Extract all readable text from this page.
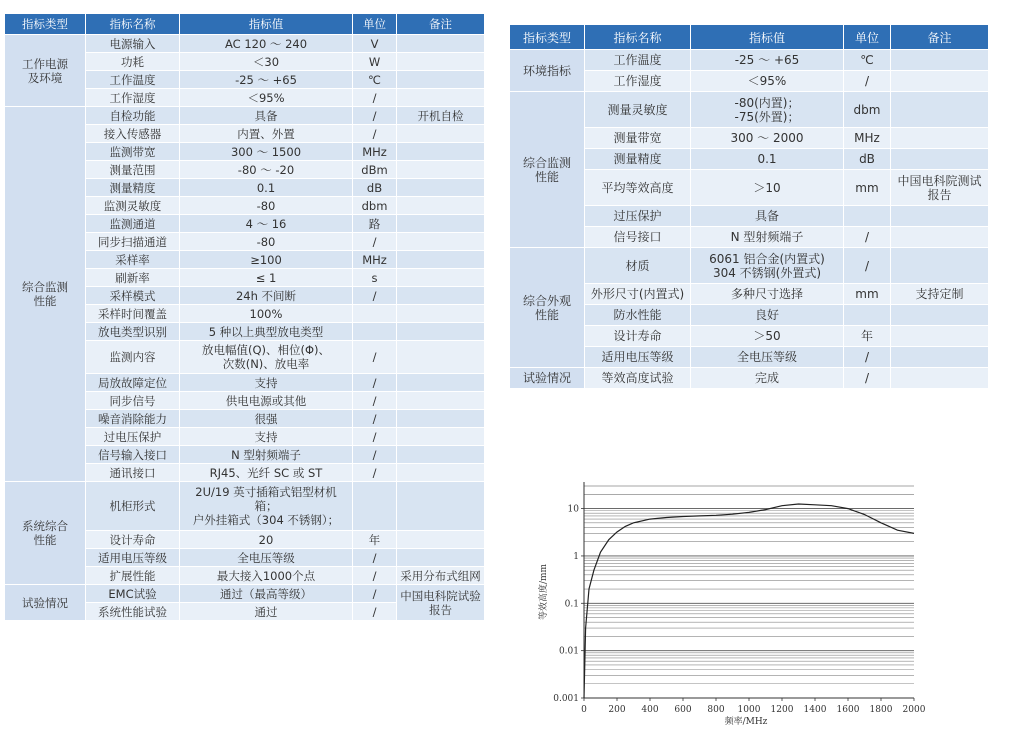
指标类型	指标名称	指标值	单位	备注
工作电源
及环境	电源输入	AC 120 ～ 240	V	
	功耗	＜30	W	
	工作温度	-25 ～ +65	℃	
	工作湿度	＜95%	/	
综合监测
性能	自检功能	具备	/	开机自检
	接入传感器	内置、外置	/	
	监测带宽	300 ～ 1500	MHz	
	测量范围	-80 ～ -20	dBm	
	测量精度	0.1	dB	
	监测灵敏度	-80	dbm	
	监测通道	4 ～ 16	路	
	同步扫描通道	-80	/	
	采样率	≥100	MHz	
	刷新率	≤ 1	s	
	采样模式	24h 不间断	/	
	采样时间覆盖	100%		
	放电类型识别	5 种以上典型放电类型		
	监测内容	放电幅值(Q)、相位(Φ)、
次数(N)、放电率	/	
	局放故障定位	支持	/	
	同步信号	供电电源或其他	/	
	噪音消除能力	很强	/	
	过电压保护	支持	/	
	信号输入接口	N 型射频端子	/	
	通讯接口	RJ45、光纤 SC 或 ST	/	
系统综合
性能	机柜形式	2U/19 英寸插箱式铝型材机
箱；
户外挂箱式（304 不锈钢）；		
	设计寿命	20	年	
	适用电压等级	全电压等级	/	
	扩展性能	最大接入1000个点	/	采用分布式组网
试验情况	EMC试验	通过（最高等级）	/	中国电科院试验
报告
	系统性能试验	通过	/	
指标类型	指标名称	指标值	单位	备注
环境指标	工作温度	-25 ～ +65	℃	
	工作湿度	＜95%	/	
综合监测
性能	测量灵敏度	-80(内置)；
-75(外置)；	dbm	
	测量带宽	300 ～ 2000	MHz	
	测量精度	0.1	dB	
	平均等效高度	＞10	mm	中国电科院测试
报告
	过压保护	具备		
	信号接口	N 型射频端子	/	
综合外观
性能	材质	6061 铝合金(内置式)
304 不锈钢(外置式)	/	
	外形尺寸(内置式)	多种尺寸选择	mm	支持定制
	防水性能	良好		
	设计寿命	＞50	年	
	适用电压等级	全电压等级	/	
试验情况	等效高度试验	完成	/	
0 200 400 600 800 1000 1200 1400 1600 1800 2000
0.001
0.01
0.1
1
10
频率/MHz
等效高度/mm
